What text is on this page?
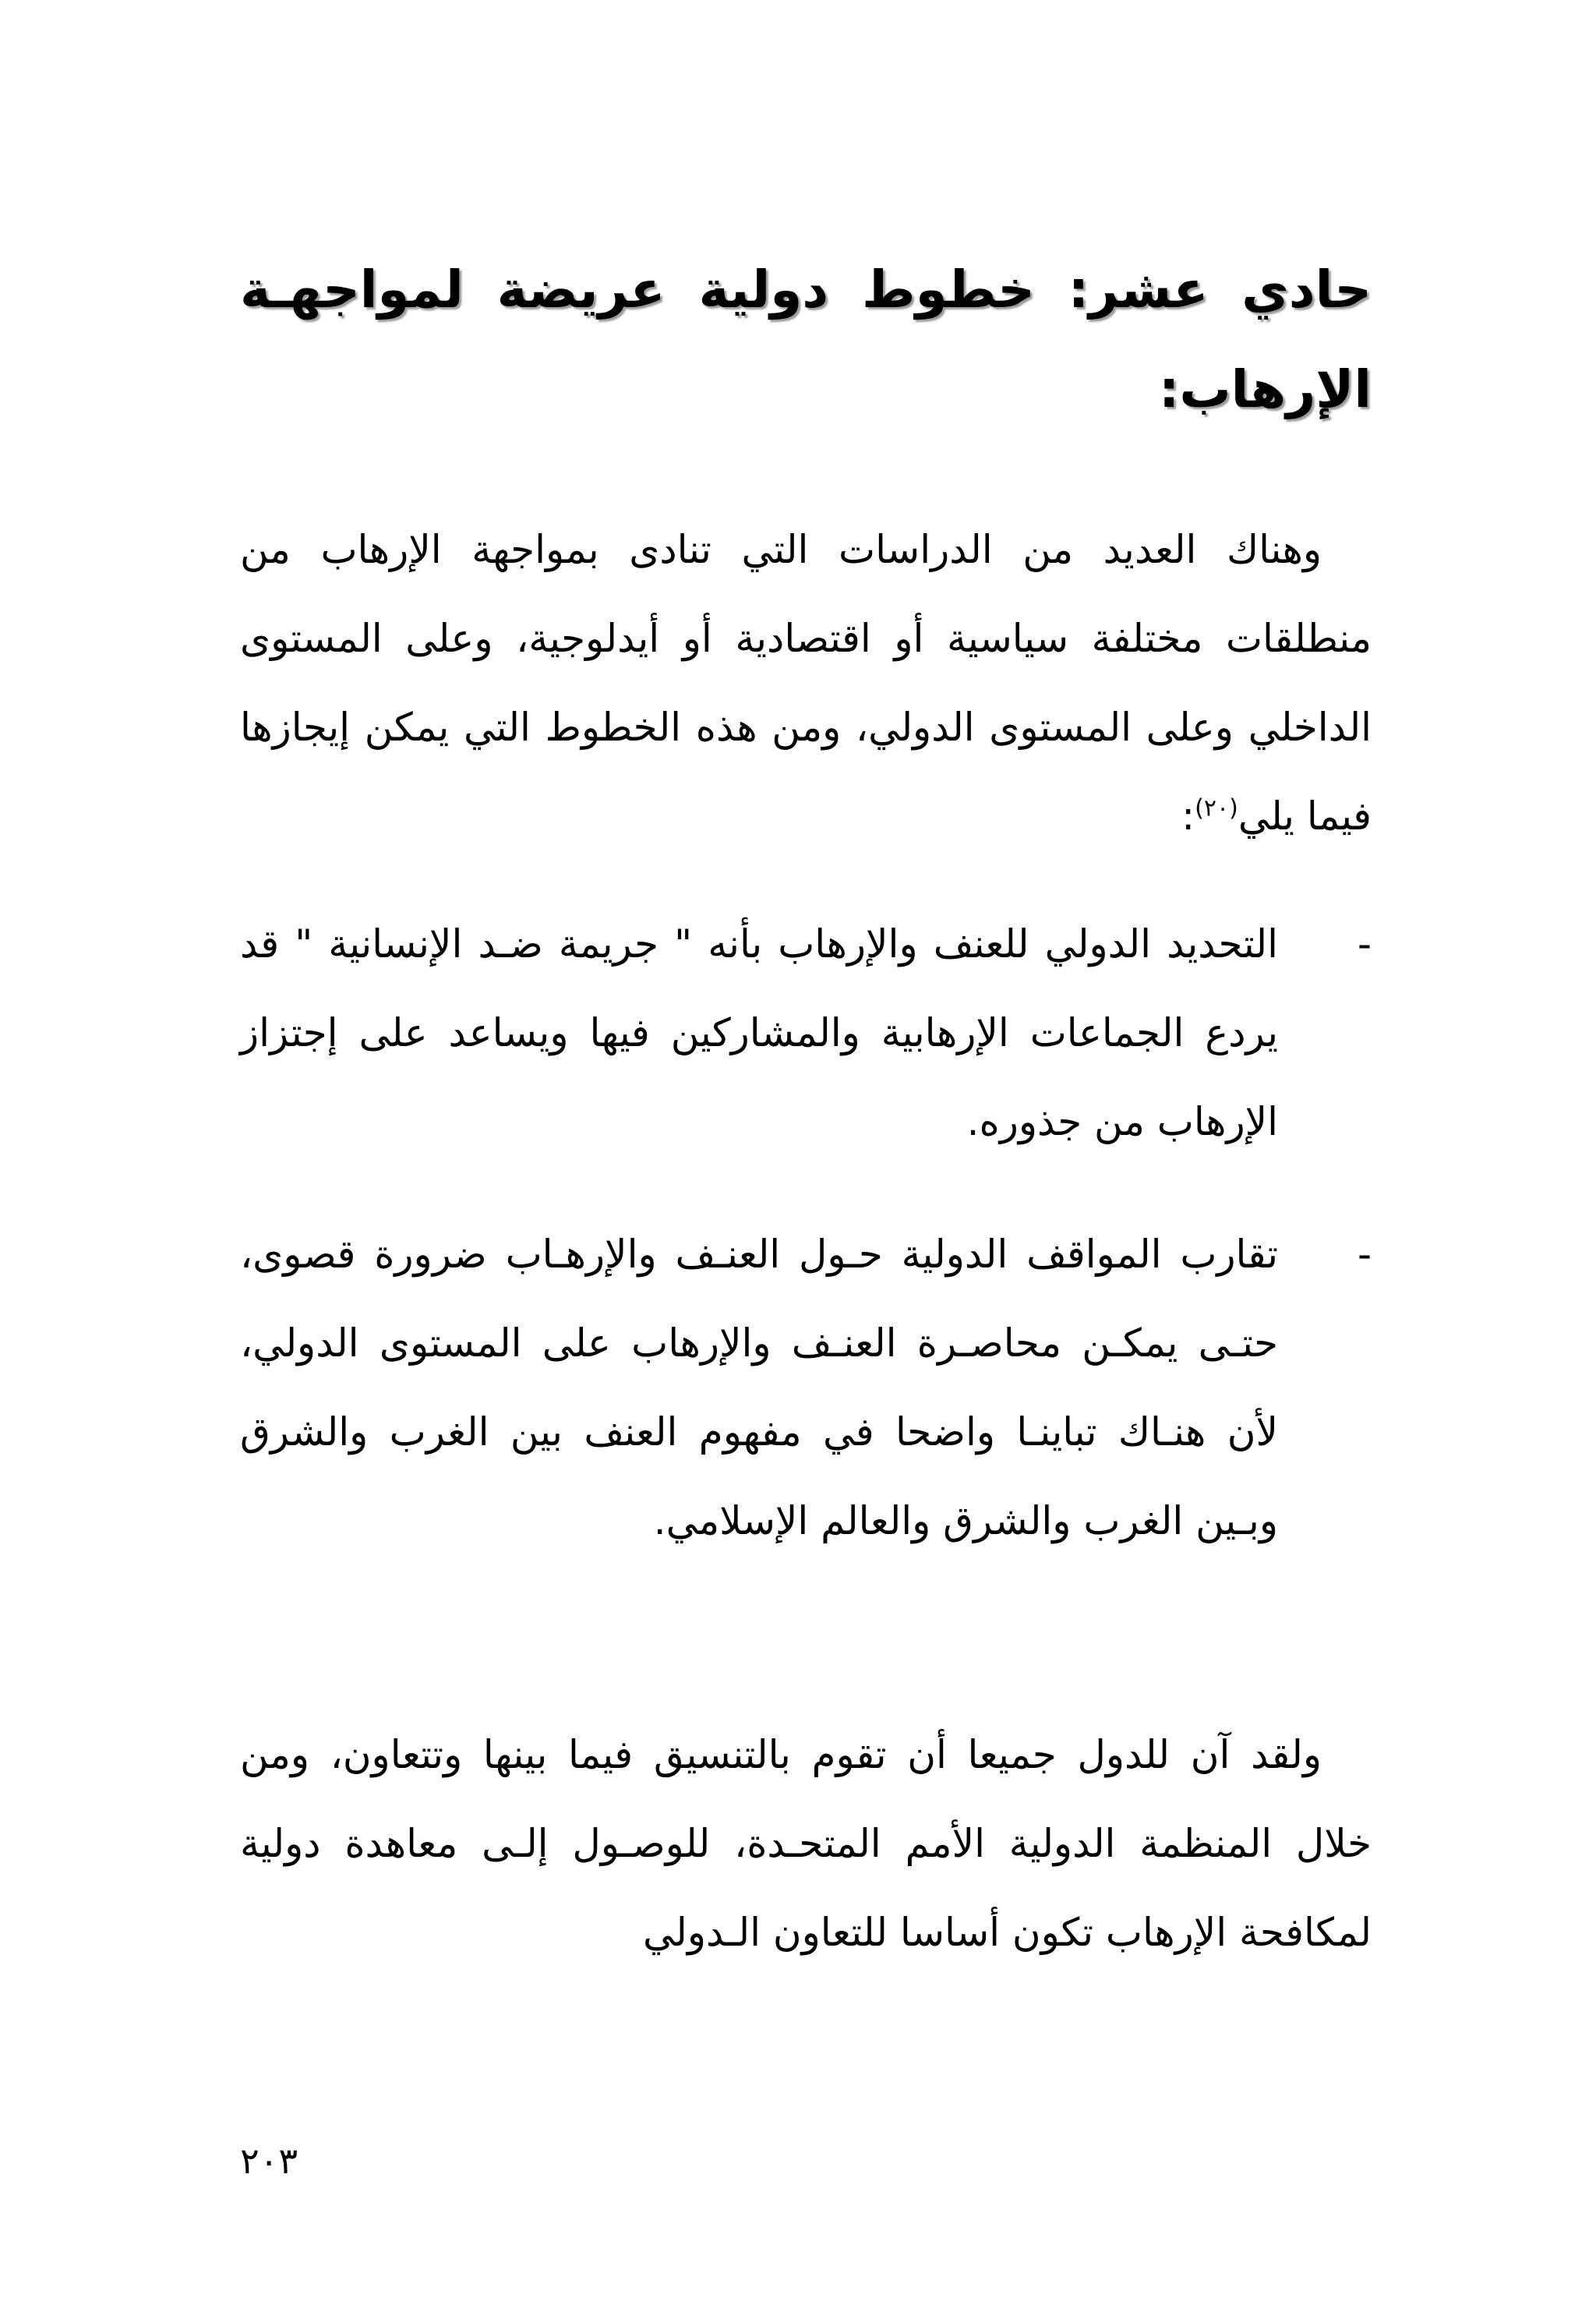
حادي عشر: خطوط دولية عريضة لمواجهـة الإرهاب:
وهناك العديد من الدراسات التي تنادى بمواجهة الإرهاب من منطلقات مختلفة سياسية أو اقتصادية أو أيدلوجية، وعلى المستوى الداخلي وعلى المستوى الدولي، ومن هذه الخطوط التي يمكن إيجازها فيما يلي$^{(٢٠)}$:
-
التحديد الدولي للعنف والإرهاب بأنه " جريمة ضـد الإنسانية " قد يردع الجماعات الإرهابية والمشاركين فيها ويساعد على إجتزاز الإرهاب من جذوره.
-
تقارب المواقف الدولية حـول العنـف والإرهـاب ضرورة قصوى، حتـى يمكـن محاصـرة العنـف والإرهاب على المستوى الدولي، لأن هنـاك تباينـا واضحا في مفهوم العنف بين الغرب والشرق وبـين الغرب والشرق والعالم الإسلامي.
ولقد آن للدول جميعا أن تقوم بالتنسيق فيما بينها وتتعاون، ومن خلال المنظمة الدولية الأمم المتحـدة، للوصـول إلـى معاهدة دولية لمكافحة الإرهاب تكون أساسا للتعاون الـدولي
٢٠٣
